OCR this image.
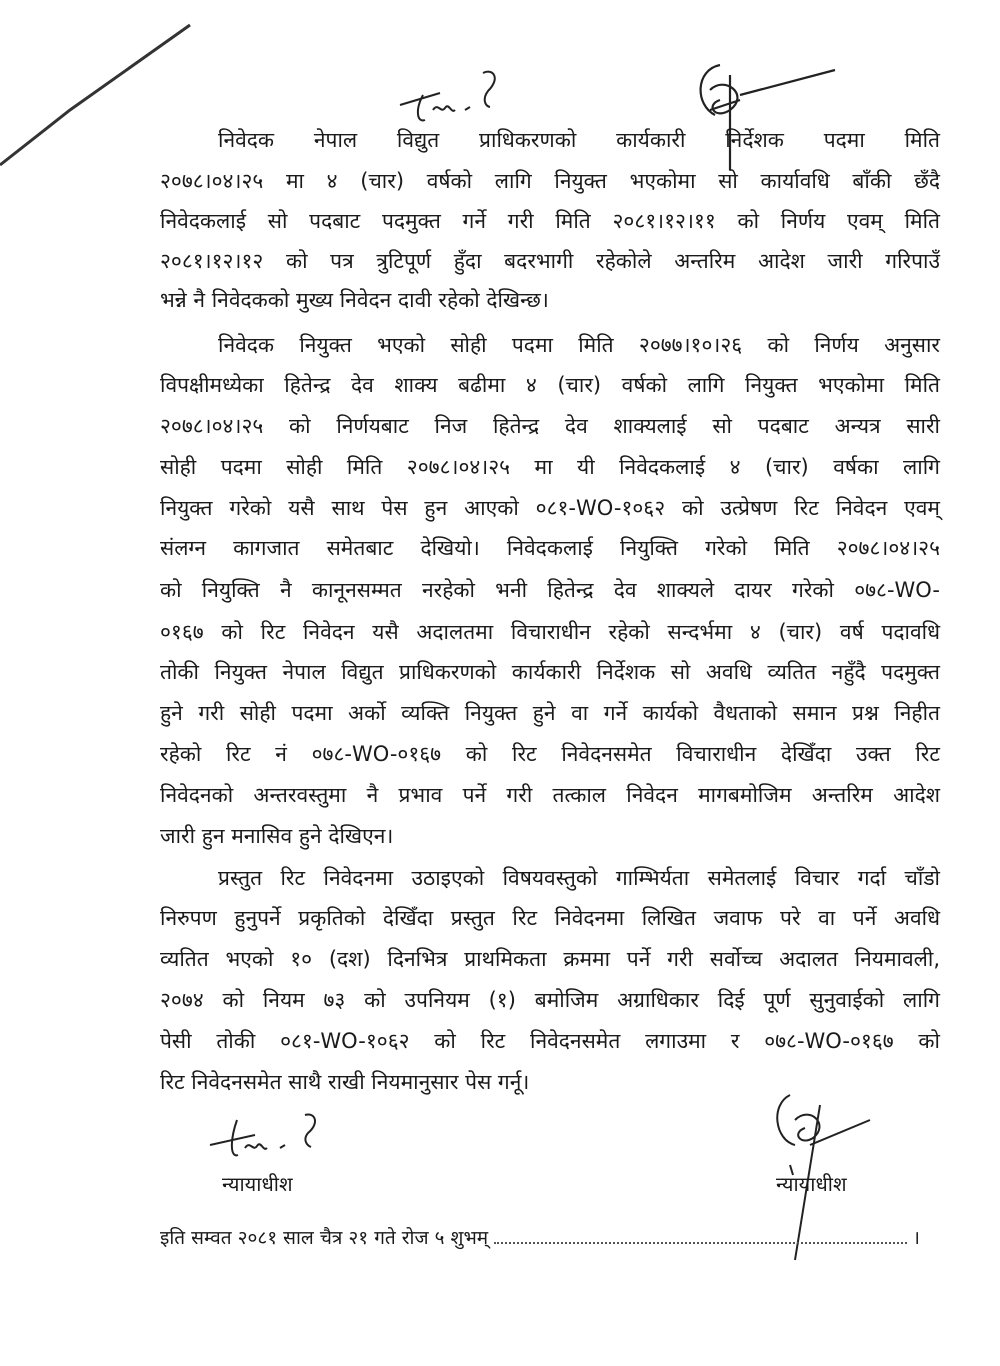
निवेदक नेपाल विद्युत प्राधिकरणको कार्यकारी निर्देशक पदमा मिति
२०७८।०४।२५ मा ४ (चार) वर्षको लागि नियुक्त भएकोमा सो कार्यावधि बाँकी छँदै
निवेदकलाई सो पदबाट पदमुक्त गर्ने गरी मिति २०८१।१२।११ को निर्णय एवम् मिति
२०८१।१२।१२ को पत्र त्रुटिपूर्ण हुँदा बदरभागी रहेकोले अन्तरिम आदेश जारी गरिपाउँ
भन्ने नै निवेदकको मुख्य निवेदन दावी रहेको देखिन्छ।
निवेदक नियुक्त भएको सोही पदमा मिति २०७७।१०।२६ को निर्णय अनुसार
विपक्षीमध्येका हितेन्द्र देव शाक्य बढीमा ४ (चार) वर्षको लागि नियुक्त भएकोमा मिति
२०७८।०४।२५ को निर्णयबाट निज हितेन्द्र देव शाक्यलाई सो पदबाट अन्यत्र सारी
सोही पदमा सोही मिति २०७८।०४।२५ मा यी निवेदकलाई ४ (चार) वर्षका लागि
नियुक्त गरेको यसै साथ पेस हुन आएको ०८१-WO-१०६२ को उत्प्रेषण रिट निवेदन एवम्
संलग्न कागजात समेतबाट देखियो। निवेदकलाई नियुक्ति गरेको मिति २०७८।०४।२५
को नियुक्ति नै कानूनसम्मत नरहेको भनी हितेन्द्र देव शाक्यले दायर गरेको ०७८-WO-
०१६७ को रिट निवेदन यसै अदालतमा विचाराधीन रहेको सन्दर्भमा ४ (चार) वर्ष पदावधि
तोकी नियुक्त नेपाल विद्युत प्राधिकरणको कार्यकारी निर्देशक सो अवधि व्यतित नहुँदै पदमुक्त
हुने गरी सोही पदमा अर्को व्यक्ति नियुक्त हुने वा गर्ने कार्यको वैधताको समान प्रश्न निहीत
रहेको रिट नं ०७८-WO-०१६७ को रिट निवेदनसमेत विचाराधीन देखिँदा उक्त रिट
निवेदनको अन्तरवस्तुमा नै प्रभाव पर्ने गरी तत्काल निवेदन मागबमोजिम अन्तरिम आदेश
जारी हुन मनासिव हुने देखिएन।
प्रस्तुत रिट निवेदनमा उठाइएको विषयवस्तुको गाम्भिर्यता समेतलाई विचार गर्दा चाँडो
निरुपण हुनुपर्ने प्रकृतिको देखिँदा प्रस्तुत रिट निवेदनमा लिखित जवाफ परे वा पर्ने अवधि
व्यतित भएको १० (दश) दिनभित्र प्राथमिकता क्रममा पर्ने गरी सर्वोच्च अदालत नियमावली,
२०७४ को नियम ७३ को उपनियम (१) बमोजिम अग्राधिकार दिई पूर्ण सुनुवाईको लागि
पेसी तोकी ०८१-WO-१०६२ को रिट निवेदनसमेत लगाउमा र ०७८-WO-०१६७ को
रिट निवेदनसमेत साथै राखी नियमानुसार पेस गर्नू।
न्यायाधीश	न्यायाधीश
इति सम्वत २०८१ साल चैत्र २१ गते रोज ५ शुभम्	।
